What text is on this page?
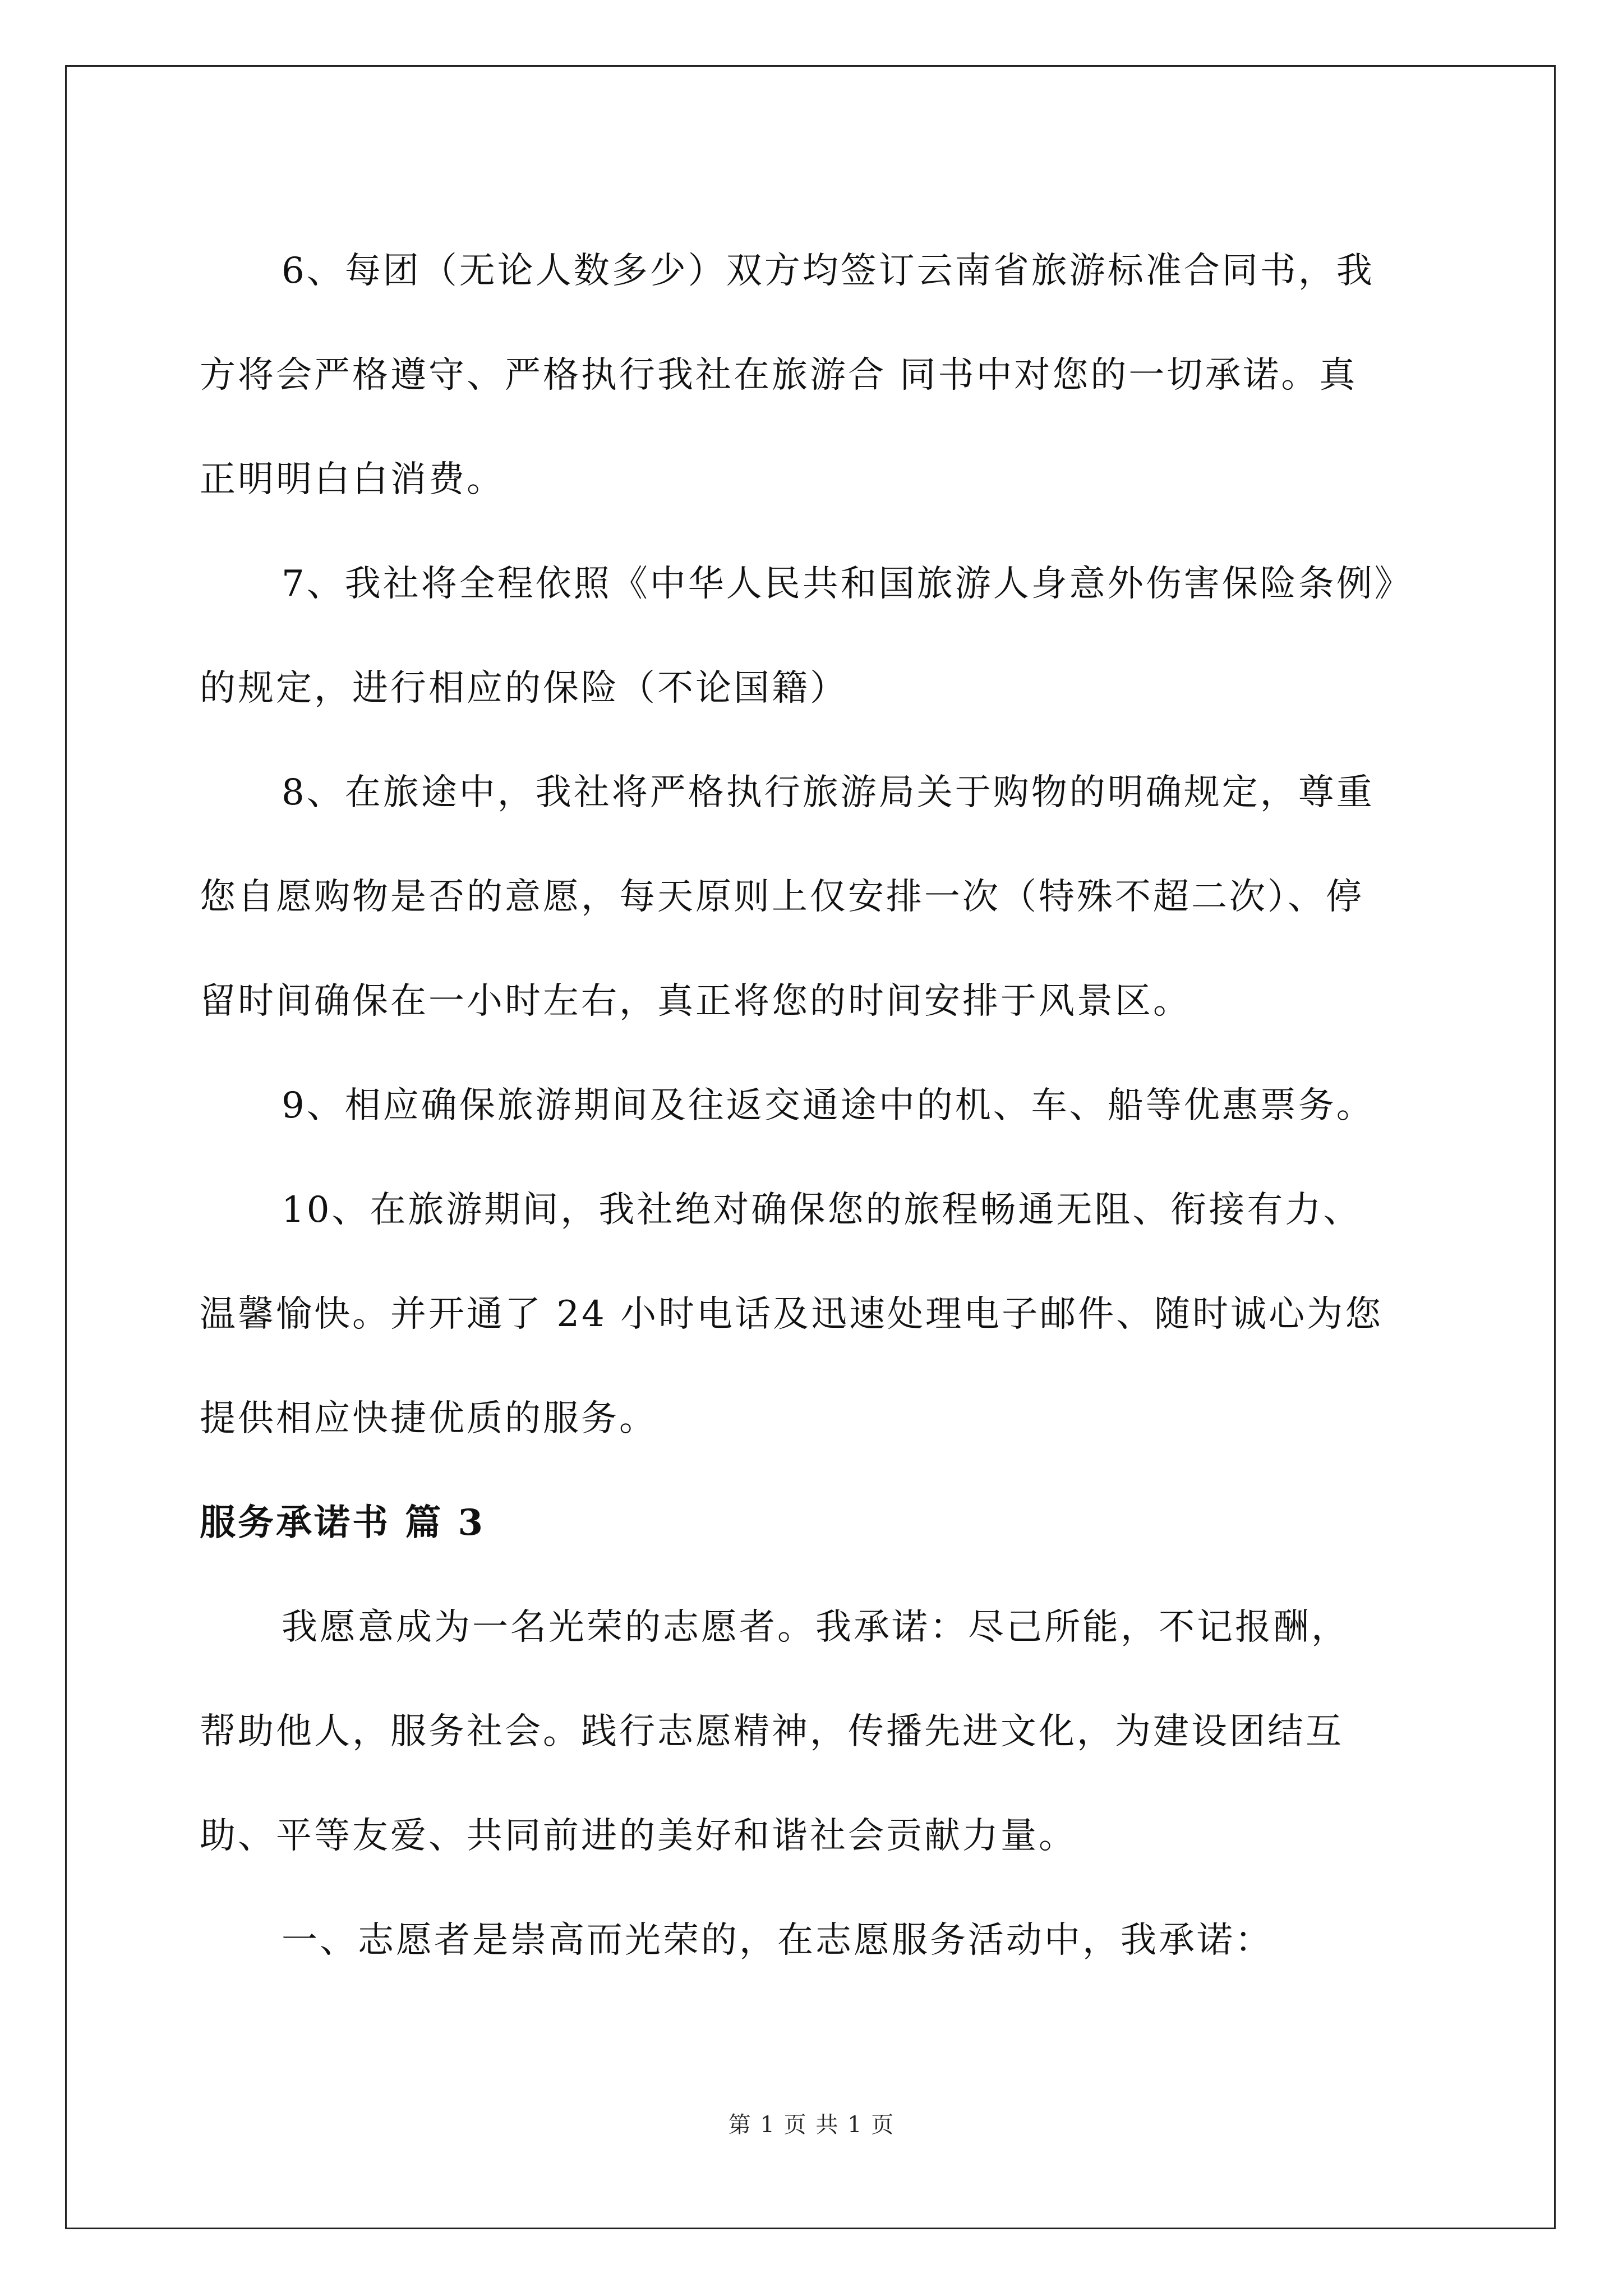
6、每团（无论人数多少）双方均签订云南省旅游标准合同书，我
方将会严格遵守、严格执行我社在旅游合 同书中对您的一切承诺。真
正明明白白消费。

7、我社将全程依照《中华人民共和国旅游人身意外伤害保险条例》
的规定，进行相应的保险（不论国籍）

8、在旅途中，我社将严格执行旅游局关于购物的明确规定，尊重
您自愿购物是否的意愿，每天原则上仅安排一次（特殊不超二次）、停
留时间确保在一小时左右，真正将您的时间安排于风景区。

9、相应确保旅游期间及往返交通途中的机、车、船等优惠票务。

10、在旅游期间，我社绝对确保您的旅程畅通无阻、衔接有力、
温馨愉快。并开通了 24 小时电话及迅速处理电子邮件、随时诚心为您
提供相应快捷优质的服务。

服务承诺书 篇 3

我愿意成为一名光荣的志愿者。我承诺：尽己所能，不记报酬，
帮助他人，服务社会。践行志愿精神，传播先进文化，为建设团结互
助、平等友爱、共同前进的美好和谐社会贡献力量。

一、志愿者是崇高而光荣的，在志愿服务活动中，我承诺：

第 1 页 共 1 页
